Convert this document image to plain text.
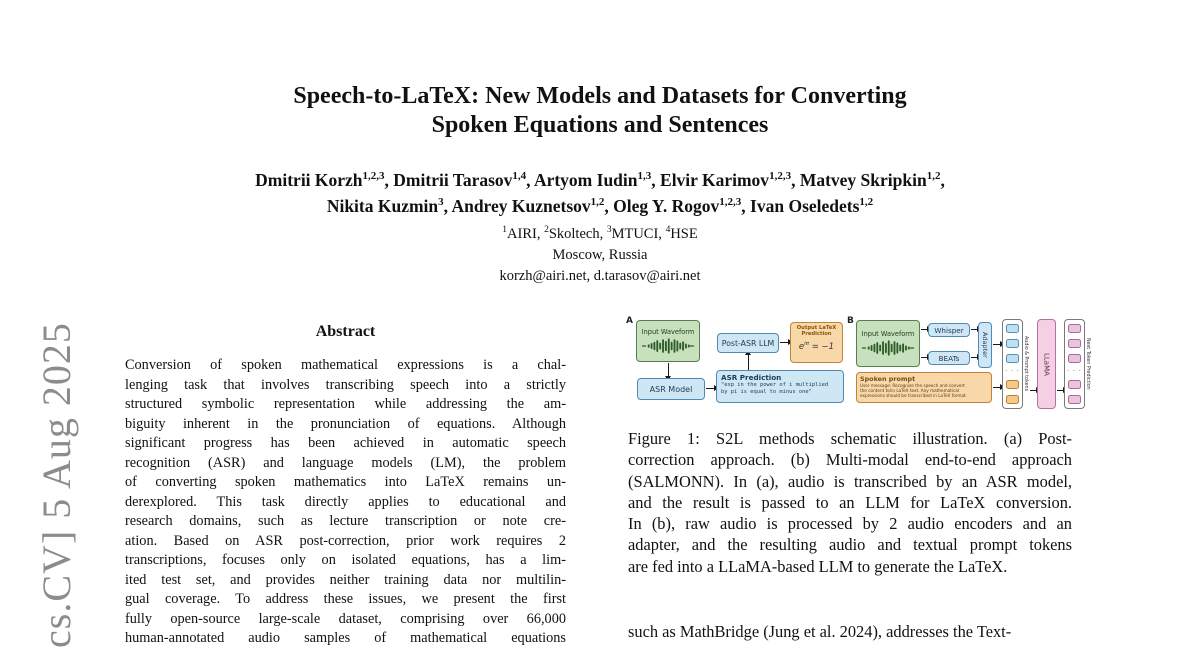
cs.CV] 5 Aug 2025
Speech-to-LaTeX: New Models and Datasets for Converting
Spoken Equations and Sentences
Dmitrii Korzh$^{1,2,3}$, Dmitrii Tarasov$^{1,4}$, Artyom Iudin$^{1,3}$, Elvir Karimov$^{1,2,3}$, Matvey Skripkin$^{1,2}$,
Nikita Kuzmin$^3$, Andrey Kuznetsov$^{1,2}$, Oleg Y. Rogov$^{1,2,3}$, Ivan Oseledets$^{1,2}$
$^1$AIRI, $^2$Skoltech, $^3$MTUCI, $^4$HSE
Moscow, Russia
korzh@airi.net, d.tarasov@airi.net
Abstract
Conversion of spoken mathematical expressions is a chal-
lenging task that involves transcribing speech into a strictly
structured symbolic representation while addressing the am-
biguity inherent in the pronunciation of equations. Although
significant progress has been achieved in automatic speech
recognition (ASR) and language models (LM), the problem
of converting spoken mathematics into LaTeX remains un-
derexplored. This task directly applies to educational and
research domains, such as lecture transcription or note cre-
ation. Based on ASR post-correction, prior work requires 2
transcriptions, focuses only on isolated equations, has a lim-
ited test set, and provides neither training data nor multilin-
gual coverage. To address these issues, we present the first
fully open-source large-scale dataset, comprising over 66,000
human-annotated audio samples of mathematical equations
A
Input Waveform
ASR Model
ASR Prediction
"exp in the power of i multiplied
by pi is equal to minus one"
Post-ASR LLM
Output LaTeX Prediction
$e^{i\pi} = -1$
B
Input Waveform	Whisper
BEATs
Adapter
Spoken prompt
User message: Recognize the speech and convert
the content to/in LaTeX text. Any mathematical
expressions should be transcribed in LaTeX format.
· · · Audio & Prompt tokens	LLaMA	· · · Next Token Prediction
Figure 1: S2L methods schematic illustration. (a) Post-
correction approach. (b) Multi-modal end-to-end approach
(SALMONN). In (a), audio is transcribed by an ASR model,
and the result is passed to an LLM for LaTeX conversion.
In (b), raw audio is processed by 2 audio encoders and an
adapter, and the resulting audio and textual prompt tokens
are fed into a LLaMA-based LLM to generate the LaTeX.
such as MathBridge (Jung et al. 2024), addresses the Text-
